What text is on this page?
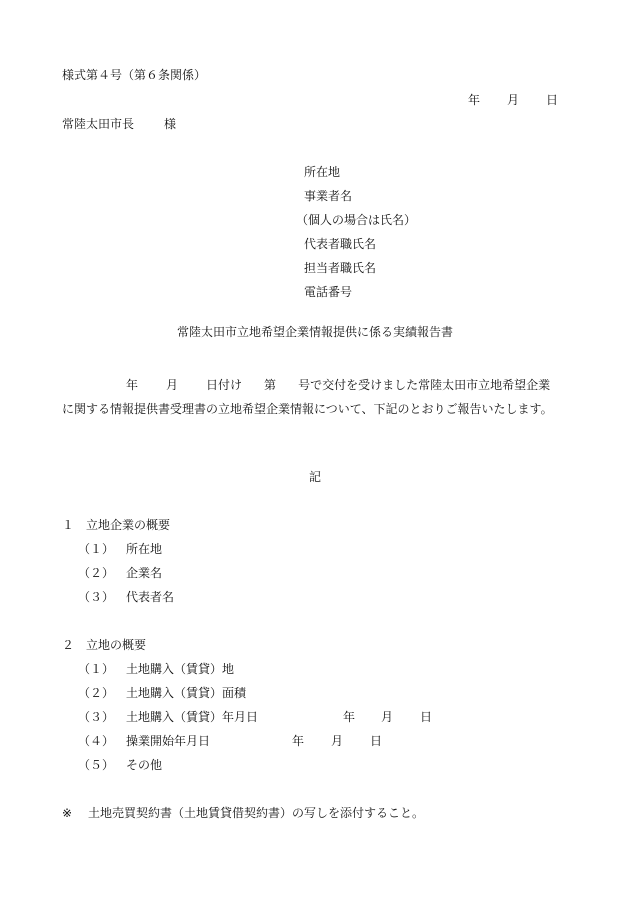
様式第４号（第６条関係）

年

月

日

常陸太田市長 様
所在地
事業者名
（個人の場合は氏名）
代表者職氏名
担当者職氏名
電話番号
常陸太田市立地希望企業情報提供に係る実績報告書
年 月 日付け 第 号で交付を受けました常陸太田市立地希望企業に関する情報提供書受理書の立地希望企業情報について、下記のとおりご報告いたします。
記
１　立地企業の概要
（１） 所在地
（２） 企業名
（３） 代表者名
２　立地の概要
（１） 土地購入（賃貸）地
（２） 土地購入（賃貸）面積
（３） 土地購入（賃貸）年月日	年 月 日
（４） 操業開始年月日	年 月 日
（５） その他
※ 土地売買契約書（土地賃貸借契約書）の写しを添付すること。
